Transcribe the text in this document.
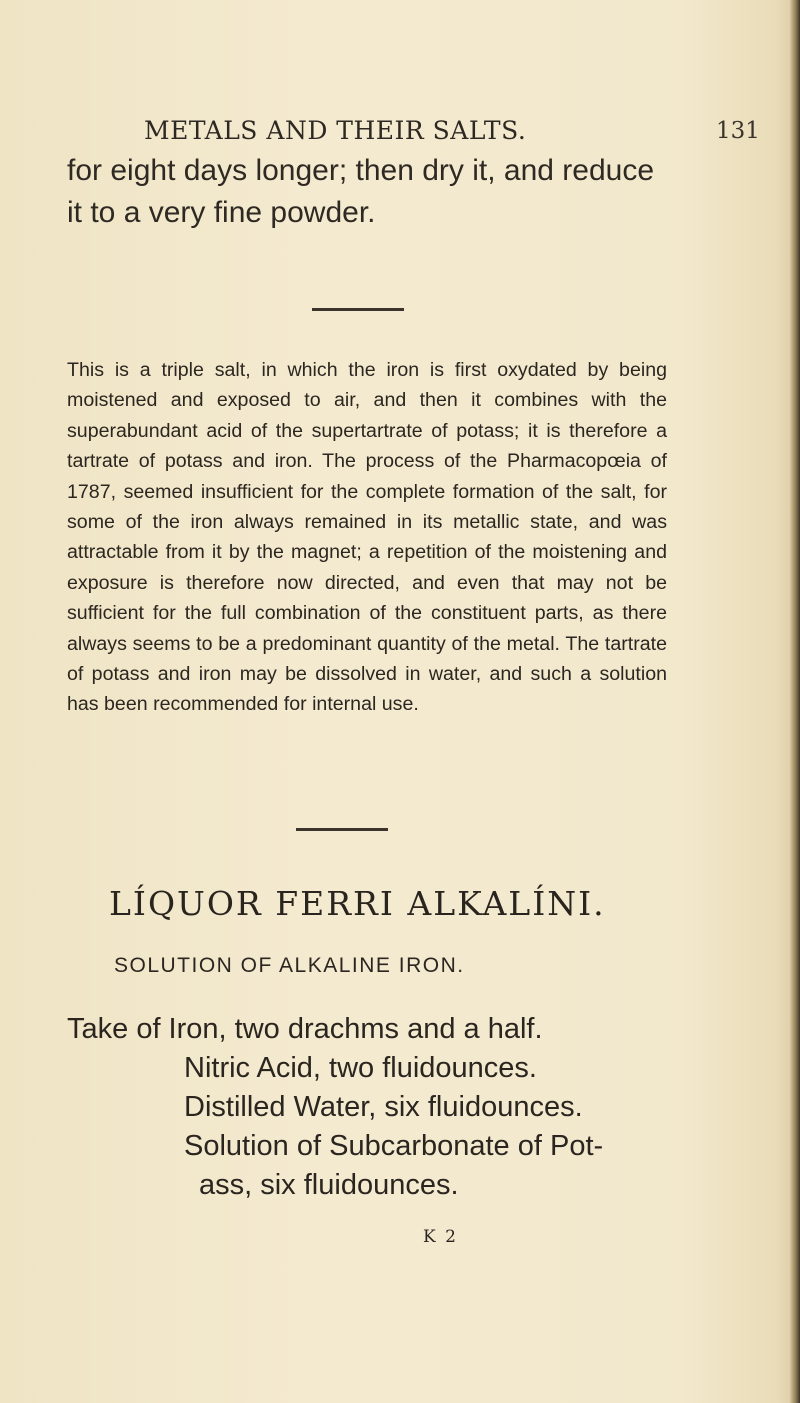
METALS AND THEIR SALTS.	131
for eight days longer; then dry it, and reduce it to a very fine powder.

This is a triple salt, in which the iron is first oxydated by being moistened and exposed to air, and then it combines with the superabundant acid of the supertartrate of potass; it is therefore a tartrate of potass and iron. The process of the Pharmacopœia of 1787, seemed insufficient for the complete formation of the salt, for some of the iron always remained in its metallic state, and was attractable from it by the magnet; a repetition of the moistening and exposure is therefore now directed, and even that may not be sufficient for the full combination of the constituent parts, as there always seems to be a predominant quantity of the metal. The tartrate of potass and iron may be dissolved in water, and such a solution has been recommended for internal use.

LÍQUOR FERRI ALKALÍNI.
SOLUTION OF ALKALINE IRON.
Take of Iron, two drachms and a half.
Nitric Acid, two fluidounces.
Distilled Water, six fluidounces.
Solution of Subcarbonate of Pot-
ass, six fluidounces.
K 2
